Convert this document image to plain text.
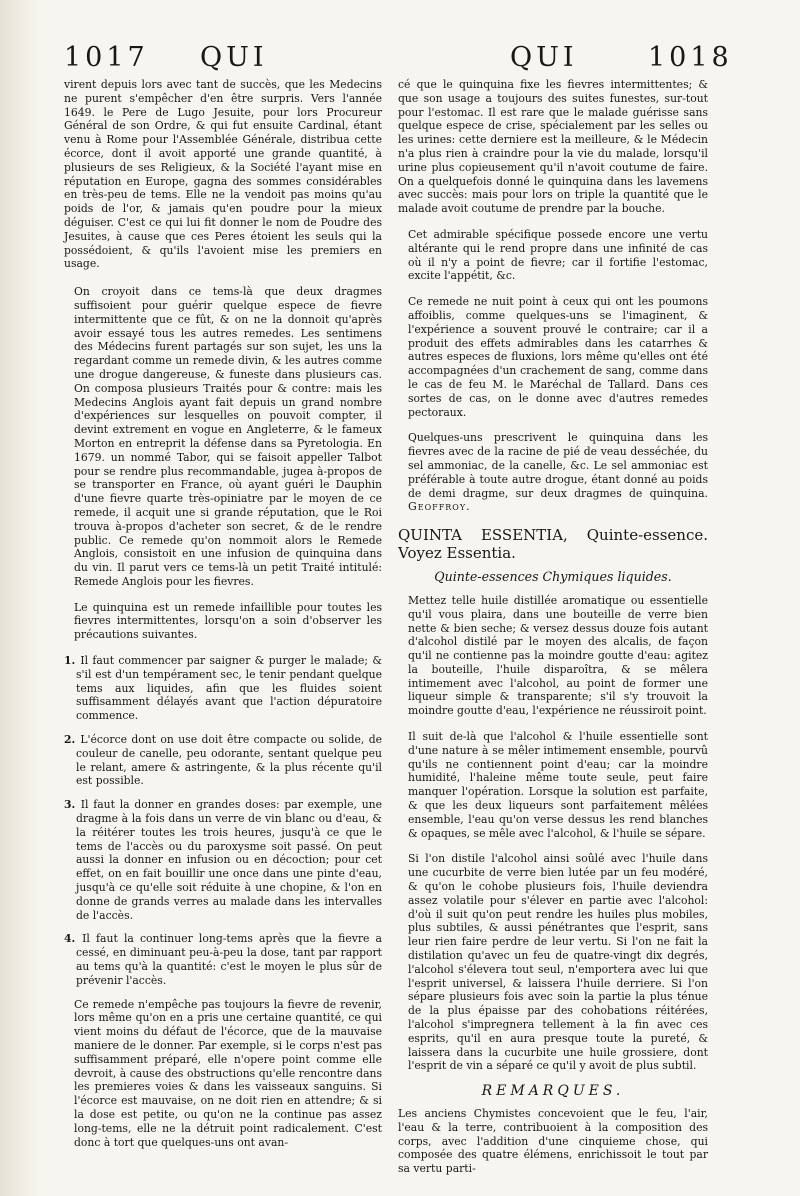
1017 QUI	QUI	1018

virent depuis lors avec tant de succès, que les Medecins ne purent s'empêcher d'en être surpris. Vers l'année 1649. le Pere de Lugo Jesuite, pour lors Procureur Général de son Ordre, & qui fut ensuite Cardinal, étant venu à Rome pour l'Assemblée Générale, distribua cette écorce, dont il avoit apporté une grande quantité, à plusieurs de ses Religieux, & la Société l'ayant mise en réputation en Europe, gagna des sommes considérables en très-peu de tems. Elle ne la vendoit pas moins qu'au poids de l'or, & jamais qu'en poudre pour la mieux déguiser. C'est ce qui lui fit donner le nom de Poudre des Jesuites, à cause que ces Peres étoient les seuls qui la possédoient, & qu'ils l'avoient mise les premiers en usage.

On croyoit dans ce tems-là que deux dragmes suffisoient pour guérir quelque espece de fievre intermittente que ce fût, & on ne la donnoit qu'après avoir essayé tous les autres remedes. Les sentimens des Médecins furent partagés sur son sujet, les uns la regardant comme un remede divin, & les autres comme une drogue dangereuse, & funeste dans plusieurs cas. On composa plusieurs Traités pour & contre: mais les Medecins Anglois ayant fait depuis un grand nombre d'expériences sur lesquelles on pouvoit compter, il devint extrement en vogue en Angleterre, & le fameux Morton en entreprit la défense dans sa Pyretologia. En 1679. un nommé Tabor, qui se faisoit appeller Talbot pour se rendre plus recommandable, jugea à-propos de se transporter en France, où ayant guéri le Dauphin d'une fievre quarte très-opiniatre par le moyen de ce remede, il acquit une si grande réputation, que le Roi trouva à-propos d'acheter son secret, & de le rendre public. Ce remede qu'on nommoit alors le Remede Anglois, consistoit en une infusion de quinquina dans du vin. Il parut vers ce tems-là un petit Traité intitulé: Remede Anglois pour les fievres.

Le quinquina est un remede infaillible pour toutes les fievres intermittentes, lorsqu'on a soin d'observer les précautions suivantes.

1. Il faut commencer par saigner & purger le malade; & s'il est d'un tempérament sec, le tenir pendant quelque tems aux liquides, afin que les fluides soient suffisamment délayés avant que l'action dépuratoire commence.
2. L'écorce dont on use doit être compacte ou solide, de couleur de canelle, peu odorante, sentant quelque peu le relant, amere & astringente, & la plus récente qu'il est possible.
3. Il faut la donner en grandes doses: par exemple, une dragme à la fois dans un verre de vin blanc ou d'eau, & la réitérer toutes les trois heures, jusqu'à ce que le tems de l'accès ou du paroxysme soit passé. On peut aussi la donner en infusion ou en décoction; pour cet effet, on en fait bouillir une once dans une pinte d'eau, jusqu'à ce qu'elle soit réduite à une chopine, & l'on en donne de grands verres au malade dans les intervalles de l'accès.
4. Il faut la continuer long-tems après que la fievre a cessé, en diminuant peu-à-peu la dose, tant par rapport au tems qu'à la quantité: c'est le moyen le plus sûr de prévenir l'accès.

Ce remede n'empêche pas toujours la fievre de revenir, lors même qu'on en a pris une certaine quantité, ce qui vient moins du défaut de l'écorce, que de la mauvaise maniere de le donner. Par exemple, si le corps n'est pas suffisamment préparé, elle n'opere point comme elle devroit, à cause des obstructions qu'elle rencontre dans les premieres voies & dans les vaisseaux sanguins. Si l'écorce est mauvaise, on ne doit rien en attendre; & si la dose est petite, ou qu'on ne la continue pas assez long-tems, elle ne la détruit point radicalement. C'est donc à tort que quelques-uns ont avan-

cé que le quinquina fixe les fievres intermittentes; & que son usage a toujours des suites funestes, sur-tout pour l'estomac. Il est rare que le malade guérisse sans quelque espece de crise, spécialement par les selles ou les urines: cette derniere est la meilleure, & le Médecin n'a plus rien à craindre pour la vie du malade, lorsqu'il urine plus copieusement qu'il n'avoit coutume de faire. On a quelquefois donné le quinquina dans les lavemens avec succès: mais pour lors on triple la quantité que le malade avoit coutume de prendre par la bouche.

Cet admirable spécifique possede encore une vertu altérante qui le rend propre dans une infinité de cas où il n'y a point de fievre; car il fortifie l'estomac, excite l'appétit, &c.

Ce remede ne nuit point à ceux qui ont les poumons affoiblis, comme quelques-uns se l'imaginent, & l'expérience a souvent prouvé le contraire; car il a produit des effets admirables dans les catarrhes & autres especes de fluxions, lors même qu'elles ont été accompagnées d'un crachement de sang, comme dans le cas de feu M. le Maréchal de Tallard. Dans ces sortes de cas, on le donne avec d'autres remedes pectoraux.

Quelques-uns prescrivent le quinquina dans les fievres avec de la racine de pié de veau desséchée, du sel ammoniac, de la canelle, &c. Le sel ammoniac est préférable à toute autre drogue, étant donné au poids de demi dragme, sur deux dragmes de quinquina. Geoffroy.

QUINTA ESSENTIA, Quinte-essence. Voyez Essentia.
Quinte-essences Chymiques liquides.

Mettez telle huile distillée aromatique ou essentielle qu'il vous plaira, dans une bouteille de verre bien nette & bien seche; & versez dessus douze fois autant d'alcohol distilé par le moyen des alcalis, de façon qu'il ne contienne pas la moindre goutte d'eau: agitez la bouteille, l'huile disparoîtra, & se mêlera intimement avec l'alcohol, au point de former une liqueur simple & transparente; s'il s'y trouvoit la moindre goutte d'eau, l'expérience ne réussiroit point.

Il suit de-là que l'alcohol & l'huile essentielle sont d'une nature à se mêler intimement ensemble, pourvû qu'ils ne contiennent point d'eau; car la moindre humidité, l'haleine même toute seule, peut faire manquer l'opération. Lorsque la solution est parfaite, & que les deux liqueurs sont parfaitement mêlées ensemble, l'eau qu'on verse dessus les rend blanches & opaques, se mêle avec l'alcohol, & l'huile se sépare.

Si l'on distile l'alcohol ainsi soûlé avec l'huile dans une cucurbite de verre bien lutée par un feu modéré, & qu'on le cohobe plusieurs fois, l'huile deviendra assez volatile pour s'élever en partie avec l'alcohol: d'où il suit qu'on peut rendre les huiles plus mobiles, plus subtiles, & aussi pénétrantes que l'esprit, sans leur rien faire perdre de leur vertu. Si l'on ne fait la distilation qu'avec un feu de quatre-vingt dix degrés, l'alcohol s'élevera tout seul, n'emportera avec lui que l'esprit universel, & laissera l'huile derriere. Si l'on sépare plusieurs fois avec soin la partie la plus ténue de la plus épaisse par des cohobations réitérées, l'alcohol s'impregnera tellement à la fin avec ces esprits, qu'il en aura presque toute la pureté, & laissera dans la cucurbite une huile grossiere, dont l'esprit de vin a séparé ce qu'il y avoit de plus subtil.

REMARQUES.

Les anciens Chymistes concevoient que le feu, l'air, l'eau & la terre, contribuoient à la composition des corps, avec l'addition d'une cinquieme chose, qui composée des quatre élémens, enrichissoit le tout par sa vertu parti-
